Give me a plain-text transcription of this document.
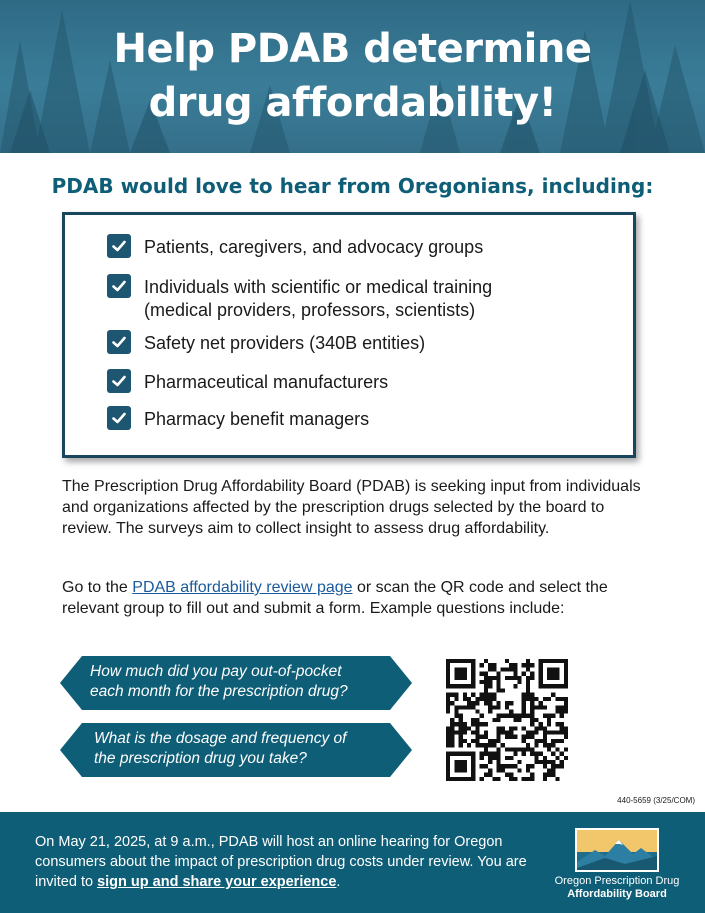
Help PDAB determine
drug affordability!
PDAB would love to hear from Oregonians, including:
Patients, caregivers, and advocacy groups
Individuals with scientific or medical training
(medical providers, professors, scientists)
Safety net providers (340B entities)
Pharmaceutical manufacturers
Pharmacy benefit managers
The Prescription Drug Affordability Board (PDAB) is seeking input from individuals and organizations affected by the prescription drugs selected by the board to review. The surveys aim to collect insight to assess drug affordability.
Go to the PDAB affordability review page or scan the QR code and select the relevant group to fill out and submit a form. Example questions include:
How much did you pay out-of-pocket
each month for the prescription drug?
What is the dosage and frequency of
the prescription drug you take?
440-5659 (3/25/COM)
On May 21, 2025, at 9 a.m., PDAB will host an online hearing for Oregon consumers about the impact of prescription drug costs under review. You are invited to sign up and share your experience.	Oregon Prescription Drug
Affordability Board
